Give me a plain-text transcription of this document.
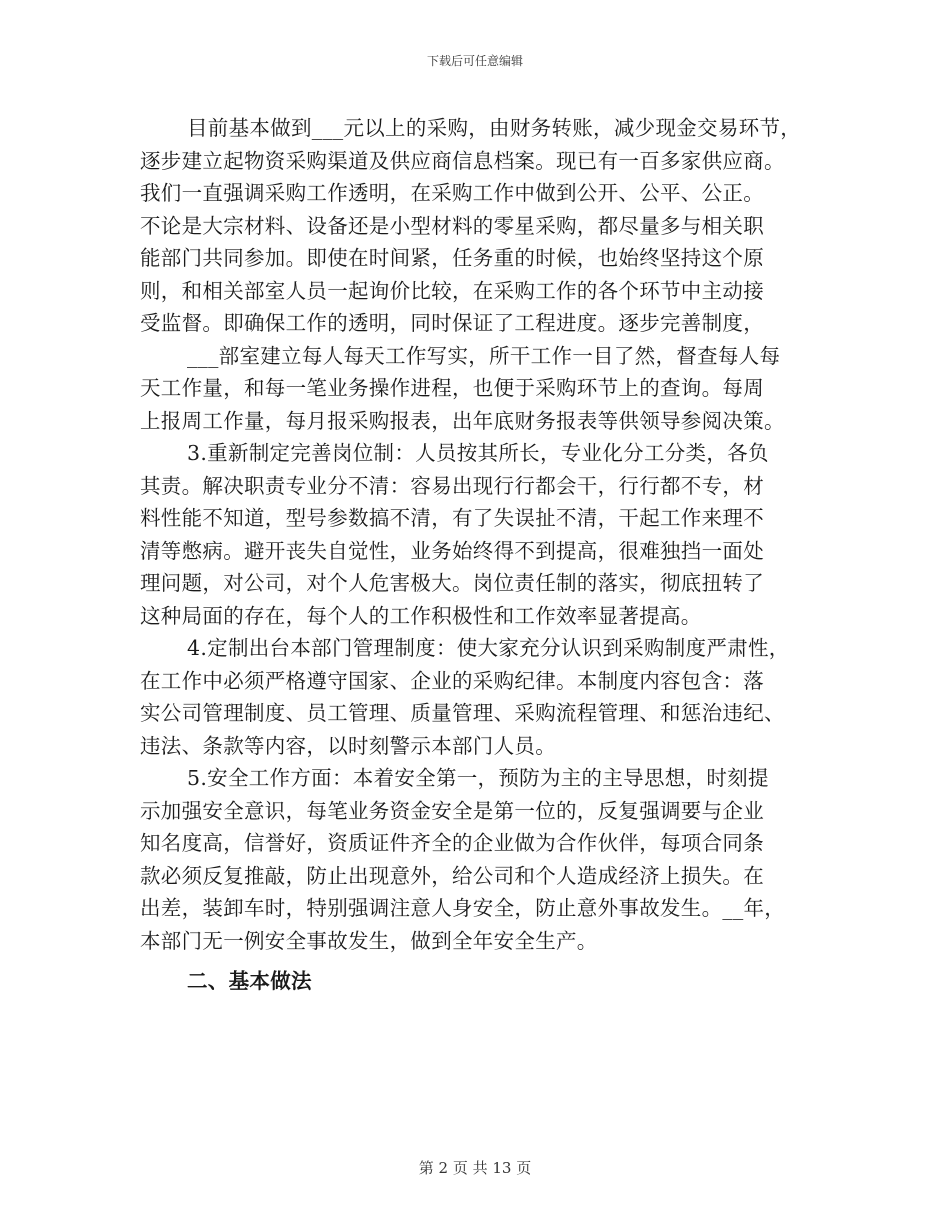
下载后可任意编辑
目前基本做到___元以上的采购，由财务转账，减少现金交易环节，
逐步建立起物资采购渠道及供应商信息档案。现已有一百多家供应商。
我们一直强调采购工作透明，在采购工作中做到公开、公平、公正。
不论是大宗材料、设备还是小型材料的零星采购，都尽量多与相关职
能部门共同参加。即使在时间紧，任务重的时候，也始终坚持这个原
则，和相关部室人员一起询价比较，在采购工作的各个环节中主动接
受监督。即确保工作的透明，同时保证了工程进度。逐步完善制度，
___部室建立每人每天工作写实，所干工作一目了然，督查每人每
天工作量，和每一笔业务操作进程，也便于采购环节上的查询。每周
上报周工作量，每月报采购报表，出年底财务报表等供领导参阅决策。
3.重新制定完善岗位制：人员按其所长，专业化分工分类，各负
其责。解决职责专业分不清：容易出现行行都会干，行行都不专，材
料性能不知道，型号参数搞不清，有了失误扯不清，干起工作来理不
清等憋病。避开丧失自觉性，业务始终得不到提高，很难独挡一面处
理问题，对公司，对个人危害极大。岗位责任制的落实，彻底扭转了
这种局面的存在，每个人的工作积极性和工作效率显著提高。
4.定制出台本部门管理制度：使大家充分认识到采购制度严肃性，
在工作中必须严格遵守国家、企业的采购纪律。本制度内容包含：落
实公司管理制度、员工管理、质量管理、采购流程管理、和惩治违纪、
违法、条款等内容，以时刻警示本部门人员。
5.安全工作方面：本着安全第一，预防为主的主导思想，时刻提
示加强安全意识，每笔业务资金安全是第一位的，反复强调要与企业
知名度高，信誉好，资质证件齐全的企业做为合作伙伴，每项合同条
款必须反复推敲，防止出现意外，给公司和个人造成经济上损失。在
出差，装卸车时，特别强调注意人身安全，防止意外事故发生。__年，
本部门无一例安全事故发生，做到全年安全生产。
二、基本做法
第 2 页 共 13 页
